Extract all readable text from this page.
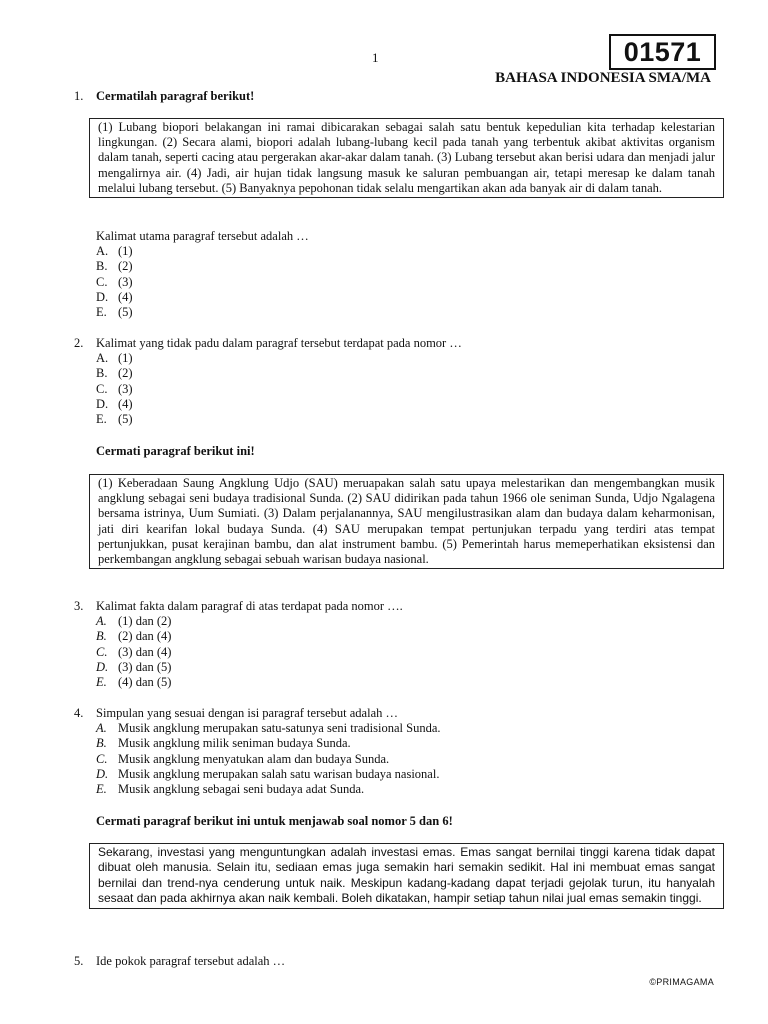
1	01571
BAHASA INDONESIA SMA/MA
1. Cermatilah paragraf berikut!
(1) Lubang biopori belakangan ini ramai dibicarakan sebagai salah satu bentuk kepedulian kita terhadap kelestarian lingkungan. (2) Secara alami, biopori adalah lubang-lubang kecil pada tanah yang terbentuk akibat aktivitas organism dalam tanah, seperti cacing atau pergerakan akar-akar dalam tanah. (3) Lubang tersebut akan berisi udara dan menjadi jalur mengalirnya air. (4) Jadi, air hujan tidak langsung masuk ke saluran pembuangan air, tetapi meresap ke dalam tanah melalui lubang tersebut. (5) Banyaknya pepohonan tidak selalu mengartikan akan ada banyak air di dalam tanah.
Kalimat utama paragraf tersebut adalah …
A. (1)
B. (2)
C. (3)
D. (4)
E. (5)
2. Kalimat yang tidak padu dalam paragraf tersebut terdapat pada nomor …
A. (1)
B. (2)
C. (3)
D. (4)
E. (5)
Cermati paragraf berikut ini!
(1) Keberadaan Saung Angklung Udjo (SAU) meruapakan salah satu upaya melestarikan dan mengembangkan musik angklung sebagai seni budaya tradisional Sunda. (2) SAU didirikan pada tahun 1966 ole seniman Sunda, Udjo Ngalagena bersama istrinya, Uum Sumiati. (3) Dalam perjalanannya, SAU mengilustrasikan alam dan budaya dalam keharmonisan, jati diri kearifan lokal budaya Sunda. (4) SAU merupakan tempat pertunjukan terpadu yang terdiri atas tempat pertunjukkan, pusat kerajinan bambu, dan alat instrument bambu. (5) Pemerintah harus memeperhatikan eksistensi dan perkembangan angklung sebagai sebuah warisan budaya nasional.
3. Kalimat fakta dalam paragraf di atas terdapat pada nomor ….
A. (1) dan (2)
B. (2) dan (4)
C. (3) dan (4)
D. (3) dan (5)
E. (4) dan (5)
4. Simpulan yang sesuai dengan isi paragraf tersebut adalah …
A. Musik angklung merupakan satu-satunya seni tradisional Sunda.
B. Musik angklung milik seniman budaya Sunda.
C. Musik angklung menyatukan alam dan budaya Sunda.
D. Musik angklung merupakan salah satu warisan budaya nasional.
E. Musik angklung sebagai seni budaya adat Sunda.
Cermati paragraf berikut ini untuk menjawab soal nomor 5 dan 6!
Sekarang, investasi yang menguntungkan adalah investasi emas. Emas sangat bernilai tinggi karena tidak dapat dibuat oleh manusia. Selain itu, sediaan emas juga semakin hari semakin sedikit. Hal ini membuat emas sangat bernilai dan trend-nya cenderung untuk naik. Meskipun kadang-kadang dapat terjadi gejolak turun, itu hanyalah sesaat dan pada akhirnya akan naik kembali. Boleh dikatakan, hampir setiap tahun nilai jual emas semakin tinggi.
5. Ide pokok paragraf tersebut adalah …
©PRIMAGAMA
